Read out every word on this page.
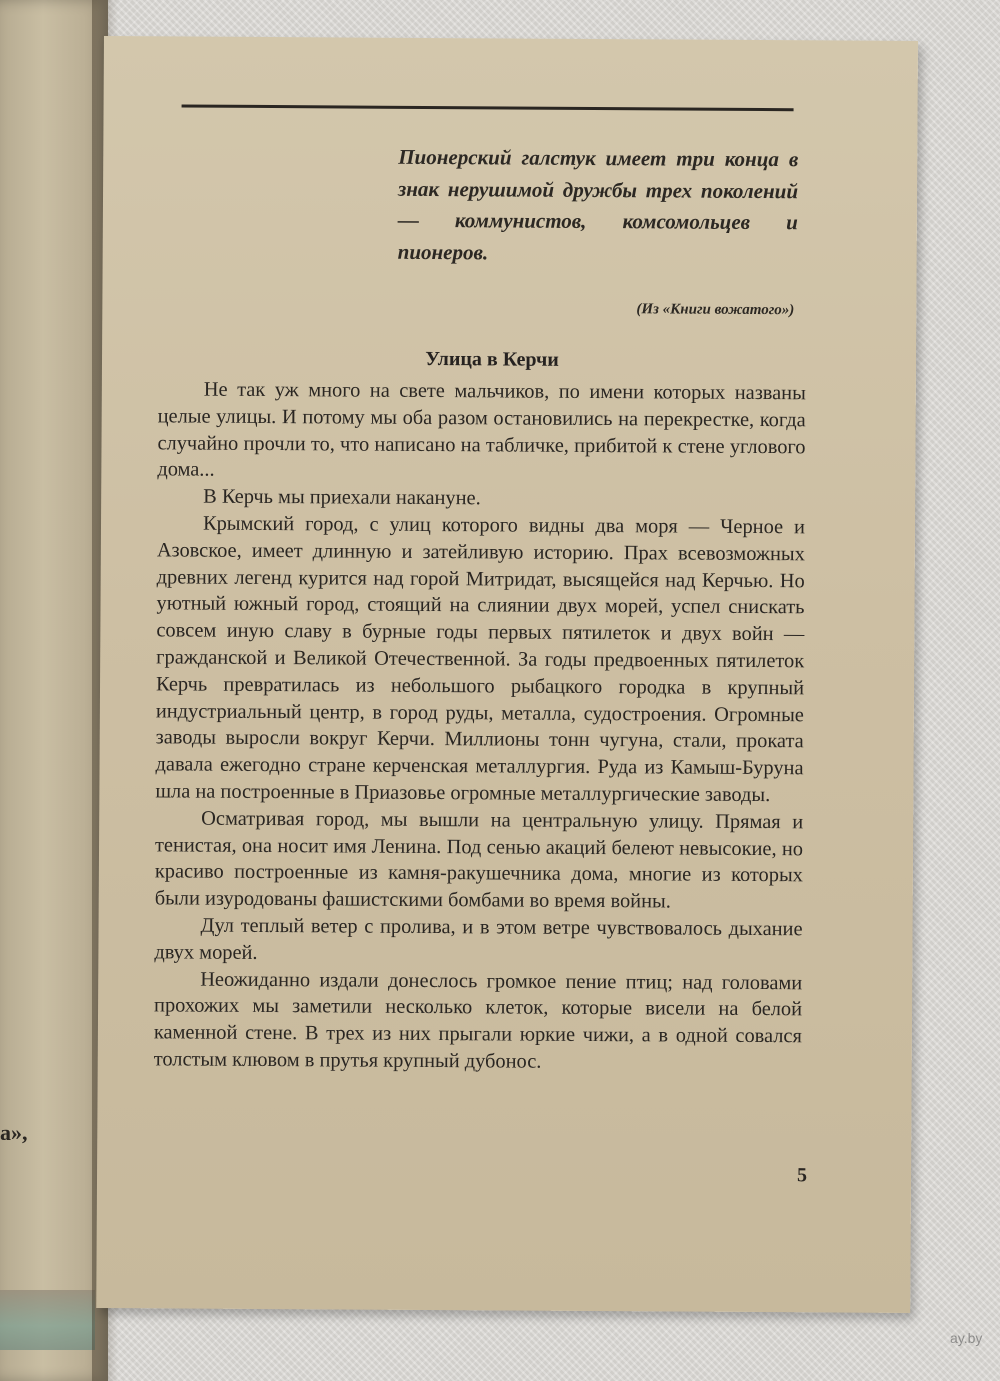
а»,
Пионерский галстук имеет три конца в знак нерушимой дружбы трех поколений — коммунистов, комсомольцев и пионеров.
(Из «Книги вожатого»)
Улица в Керчи

Не так уж много на свете мальчиков, по имени которых названы целые улицы. И потому мы оба разом остановились на перекрестке, когда случайно прочли то, что написано на табличке, прибитой к стене углового дома...

В Керчь мы приехали накануне.

Крымский город, с улиц которого видны два моря — Черное и Азовское, имеет длинную и затейливую историю. Прах всевозможных древних легенд курится над горой Митридат, высящейся над Керчью. Но уютный южный город, стоящий на слиянии двух морей, успел снискать совсем иную славу в бурные годы первых пятилеток и двух войн — гражданской и Великой Отечественной. За годы предвоенных пятилеток Керчь превратилась из небольшого рыбацкого городка в крупный индустриальный центр, в город руды, металла, судостроения. Огромные заводы выросли вокруг Керчи. Миллионы тонн чугуна, стали, проката давала ежегодно стране керченская металлургия. Руда из Камыш-Буруна шла на построенные в Приазовье огромные металлургические заводы.

Осматривая город, мы вышли на центральную улицу. Прямая и тенистая, она носит имя Ленина. Под сенью акаций белеют невысокие, но красиво построенные из камня-ракушечника дома, многие из которых были изуродованы фашистскими бомбами во время войны.

Дул теплый ветер с пролива, и в этом ветре чувствовалось дыхание двух морей.

Неожиданно издали донеслось громкое пение птиц; над головами прохожих мы заметили несколько клеток, которые висели на белой каменной стене. В трех из них прыгали юркие чижи, а в одной совался толстым клювом в прутья крупный дубонос.

5
ay.by
